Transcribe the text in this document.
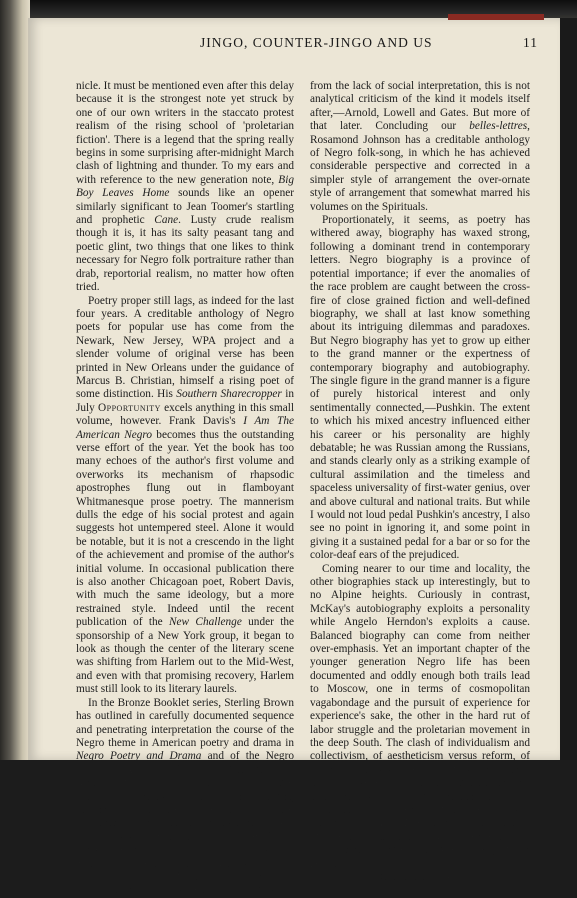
JINGO, COUNTER-JINGO AND US	11

nicle. It must be mentioned even after this delay because it is the strongest note yet struck by one of our own writers in the staccato protest realism of the rising school of 'proletarian fiction'. There is a legend that the spring really begins in some surprising after-midnight March clash of lightning and thunder. To my ears and with reference to the new generation note, Big Boy Leaves Home sounds like an opener similarly significant to Jean Toomer's startling and prophetic Cane. Lusty crude realism though it is, it has its salty peasant tang and poetic glint, two things that one likes to think necessary for Negro folk portraiture rather than drab, reportorial realism, no matter how often tried.

Poetry proper still lags, as indeed for the last four years. A creditable anthology of Negro poets for popular use has come from the Newark, New Jersey, WPA project and a slender volume of original verse has been printed in New Orleans under the guidance of Marcus B. Christian, himself a rising poet of some distinction. His Southern Sharecropper in July Opportunity excels anything in this small volume, however. Frank Davis's I Am The American Negro becomes thus the outstanding verse effort of the year. Yet the book has too many echoes of the author's first volume and overworks its mechanism of rhapsodic apostrophes flung out in flamboyant Whitmanesque prose poetry. The mannerism dulls the edge of his social protest and again suggests hot untempered steel. Alone it would be notable, but it is not a crescendo in the light of the achievement and promise of the author's initial volume. In occasional publication there is also another Chicagoan poet, Robert Davis, with much the same ideology, but a more restrained style. Indeed until the recent publication of the New Challenge under the sponsorship of a New York group, it began to look as though the center of the literary scene was shifting from Harlem out to the Mid-West, and even with that promising recovery, Harlem must still look to its literary laurels.

In the Bronze Booklet series, Sterling Brown has outlined in carefully documented sequence and penetrating interpretation the course of the Negro theme in American poetry and drama in Negro Poetry and Drama and of the Negro theme in American fiction in The Negro in American Fiction. It is not too much to say that this is a greatly needed critical service, especially since the dimension of social interpretation has been brilliantly stressed. On the contrary, in The Negro Genius, Professor Brawley, enlarging and bringing up to date his The Negro in Literature and Art, has stuck to his previous method of mere chronicle narrative with trite praise and blame evaluations. Apart

from the lack of social interpretation, this is not analytical criticism of the kind it models itself after,—Arnold, Lowell and Gates. But more of that later. Concluding our belles-lettres, Rosamond Johnson has a creditable anthology of Negro folk-song, in which he has achieved considerable perspective and corrected in a simpler style of arrangement the over-ornate style of arrangement that somewhat marred his volumes on the Spirituals.

Proportionately, it seems, as poetry has withered away, biography has waxed strong, following a dominant trend in contemporary letters. Negro biography is a province of potential importance; if ever the anomalies of the race problem are caught between the cross-fire of close grained fiction and well-defined biography, we shall at last know something about its intriguing dilemmas and paradoxes. But Negro biography has yet to grow up either to the grand manner or the expertness of contemporary biography and autobiography. The single figure in the grand manner is a figure of purely historical interest and only sentimentally connected,—Pushkin. The extent to which his mixed ancestry influenced either his career or his personality are highly debatable; he was Russian among the Russians, and stands clearly only as a striking example of cultural assimilation and the timeless and spaceless universality of first-water genius, over and above cultural and national traits. But while I would not loud pedal Pushkin's ancestry, I also see no point in ignoring it, and some point in giving it a sustained pedal for a bar or so for the color-deaf ears of the prejudiced.

Coming nearer to our time and locality, the other biographies stack up interestingly, but to no Alpine heights. Curiously in contrast, McKay's autobiography exploits a personality while Angelo Herndon's exploits a cause. Balanced biography can come from neither over-emphasis. Yet an important chapter of the younger generation Negro life has been documented and oddly enough both trails lead to Moscow, one in terms of cosmopolitan vagabondage and the pursuit of experience for experience's sake, the other in the hard rut of labor struggle and the proletarian movement in the deep South. The clash of individualism and collectivism, of aestheticism versus reform, of the contemporary dilemmas of race and class could not be better illustrated if these books had been pre-arranged and their respective authors' lives accordingly. Because of its live issues and heroic attitude Let Me Live has no apologies to offer even in juxtaposition with the clever style and picaresque charm of A Long Way From Home.

(Continued on Page 27)
